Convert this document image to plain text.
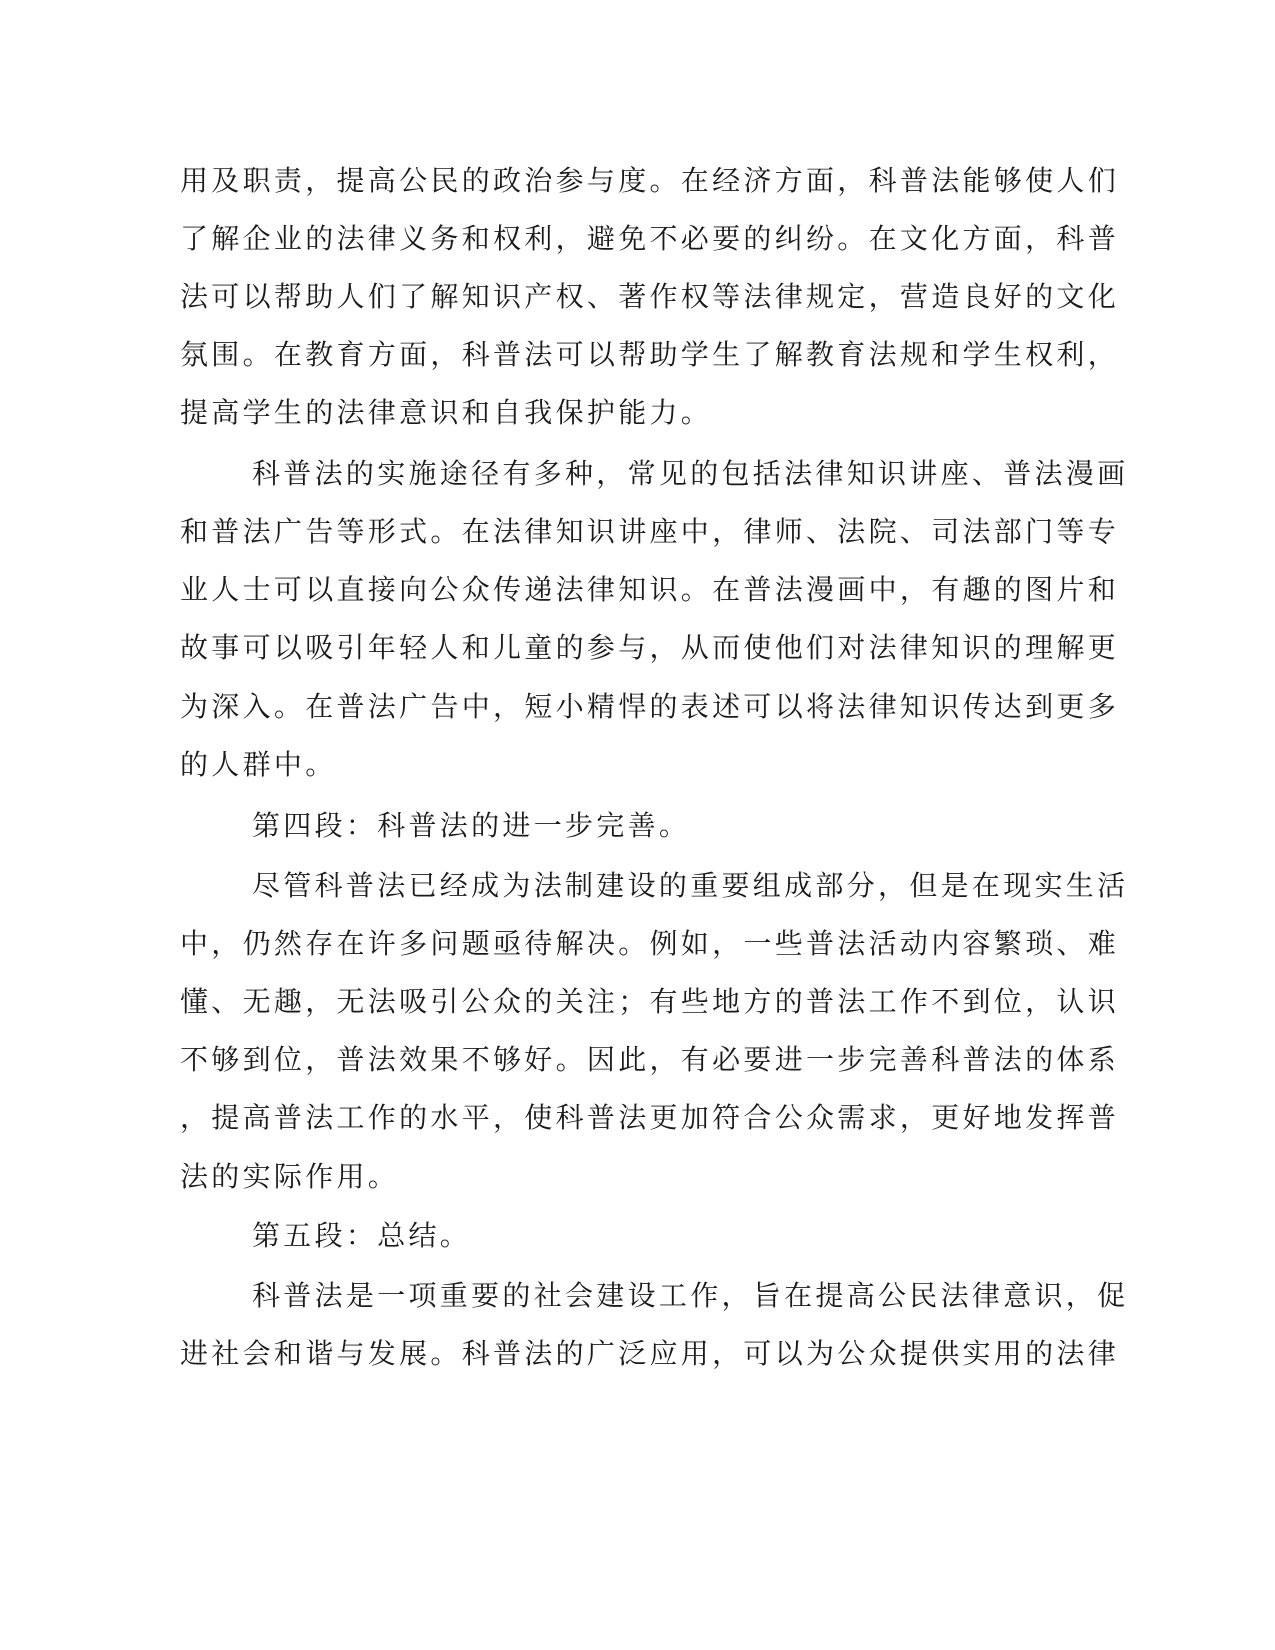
用及职责，提高公民的政治参与度。在经济方面，科普法能够使人们
了解企业的法律义务和权利，避免不必要的纠纷。在文化方面，科普
法可以帮助人们了解知识产权、著作权等法律规定，营造良好的文化
氛围。在教育方面，科普法可以帮助学生了解教育法规和学生权利，
提高学生的法律意识和自我保护能力。
科普法的实施途径有多种，常见的包括法律知识讲座、普法漫画
和普法广告等形式。在法律知识讲座中，律师、法院、司法部门等专
业人士可以直接向公众传递法律知识。在普法漫画中，有趣的图片和
故事可以吸引年轻人和儿童的参与，从而使他们对法律知识的理解更
为深入。在普法广告中，短小精悍的表述可以将法律知识传达到更多
的人群中。
第四段：科普法的进一步完善。
尽管科普法已经成为法制建设的重要组成部分，但是在现实生活
中，仍然存在许多问题亟待解决。例如，一些普法活动内容繁琐、难
懂、无趣，无法吸引公众的关注；有些地方的普法工作不到位，认识
不够到位，普法效果不够好。因此，有必要进一步完善科普法的体系
，提高普法工作的水平，使科普法更加符合公众需求，更好地发挥普
法的实际作用。
第五段：总结。
科普法是一项重要的社会建设工作，旨在提高公民法律意识，促
进社会和谐与发展。科普法的广泛应用，可以为公众提供实用的法律
